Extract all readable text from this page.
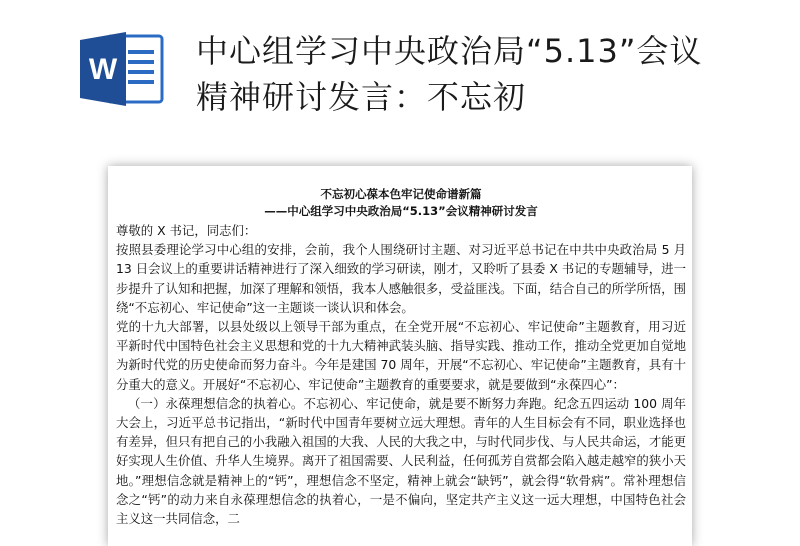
W 中心组学习中央政治局“5.13”会议精神研讨发言：不忘初
不忘初心葆本色牢记使命谱新篇
——中心组学习中央政治局“5.13”会议精神研讨发言

尊敬的 X 书记，同志们：

按照县委理论学习中心组的安排，会前，我个人围绕研讨主题、对习近平总书记在中共中央政治局 5 月 13 日会议上的重要讲话精神进行了深入细致的学习研读，刚才，又聆听了县委 X 书记的专题辅导，进一步提升了认知和把握，加深了理解和领悟，我本人感触很多，受益匪浅。下面，结合自己的所学所悟，围绕“不忘初心、牢记使命”这一主题谈一谈认识和体会。

党的十九大部署，以县处级以上领导干部为重点，在全党开展“不忘初心、牢记使命”主题教育，用习近平新时代中国特色社会主义思想和党的十九大精神武装头脑、指导实践、推动工作，推动全党更加自觉地为新时代党的历史使命而努力奋斗。今年是建国 70 周年，开展“不忘初心、牢记使命”主题教育，具有十分重大的意义。开展好“不忘初心、牢记使命”主题教育的重要要求，就是要做到“永葆四心”：

（一）永葆理想信念的执着心。不忘初心、牢记使命，就是要不断努力奔跑。纪念五四运动 100 周年大会上，习近平总书记指出，“新时代中国青年要树立远大理想。青年的人生目标会有不同，职业选择也有差异，但只有把自己的小我融入祖国的大我、人民的大我之中，与时代同步伐、与人民共命运，才能更好实现人生价值、升华人生境界。离开了祖国需要、人民利益，任何孤芳自赏都会陷入越走越窄的狭小天地。”理想信念就是精神上的“钙”，理想信念不坚定，精神上就会“缺钙”，就会得“软骨病”。常补理想信念之“钙”的动力来自永葆理想信念的执着心，一是不偏向，坚定共产主义这一远大理想，中国特色社会主义这一共同信念，二
